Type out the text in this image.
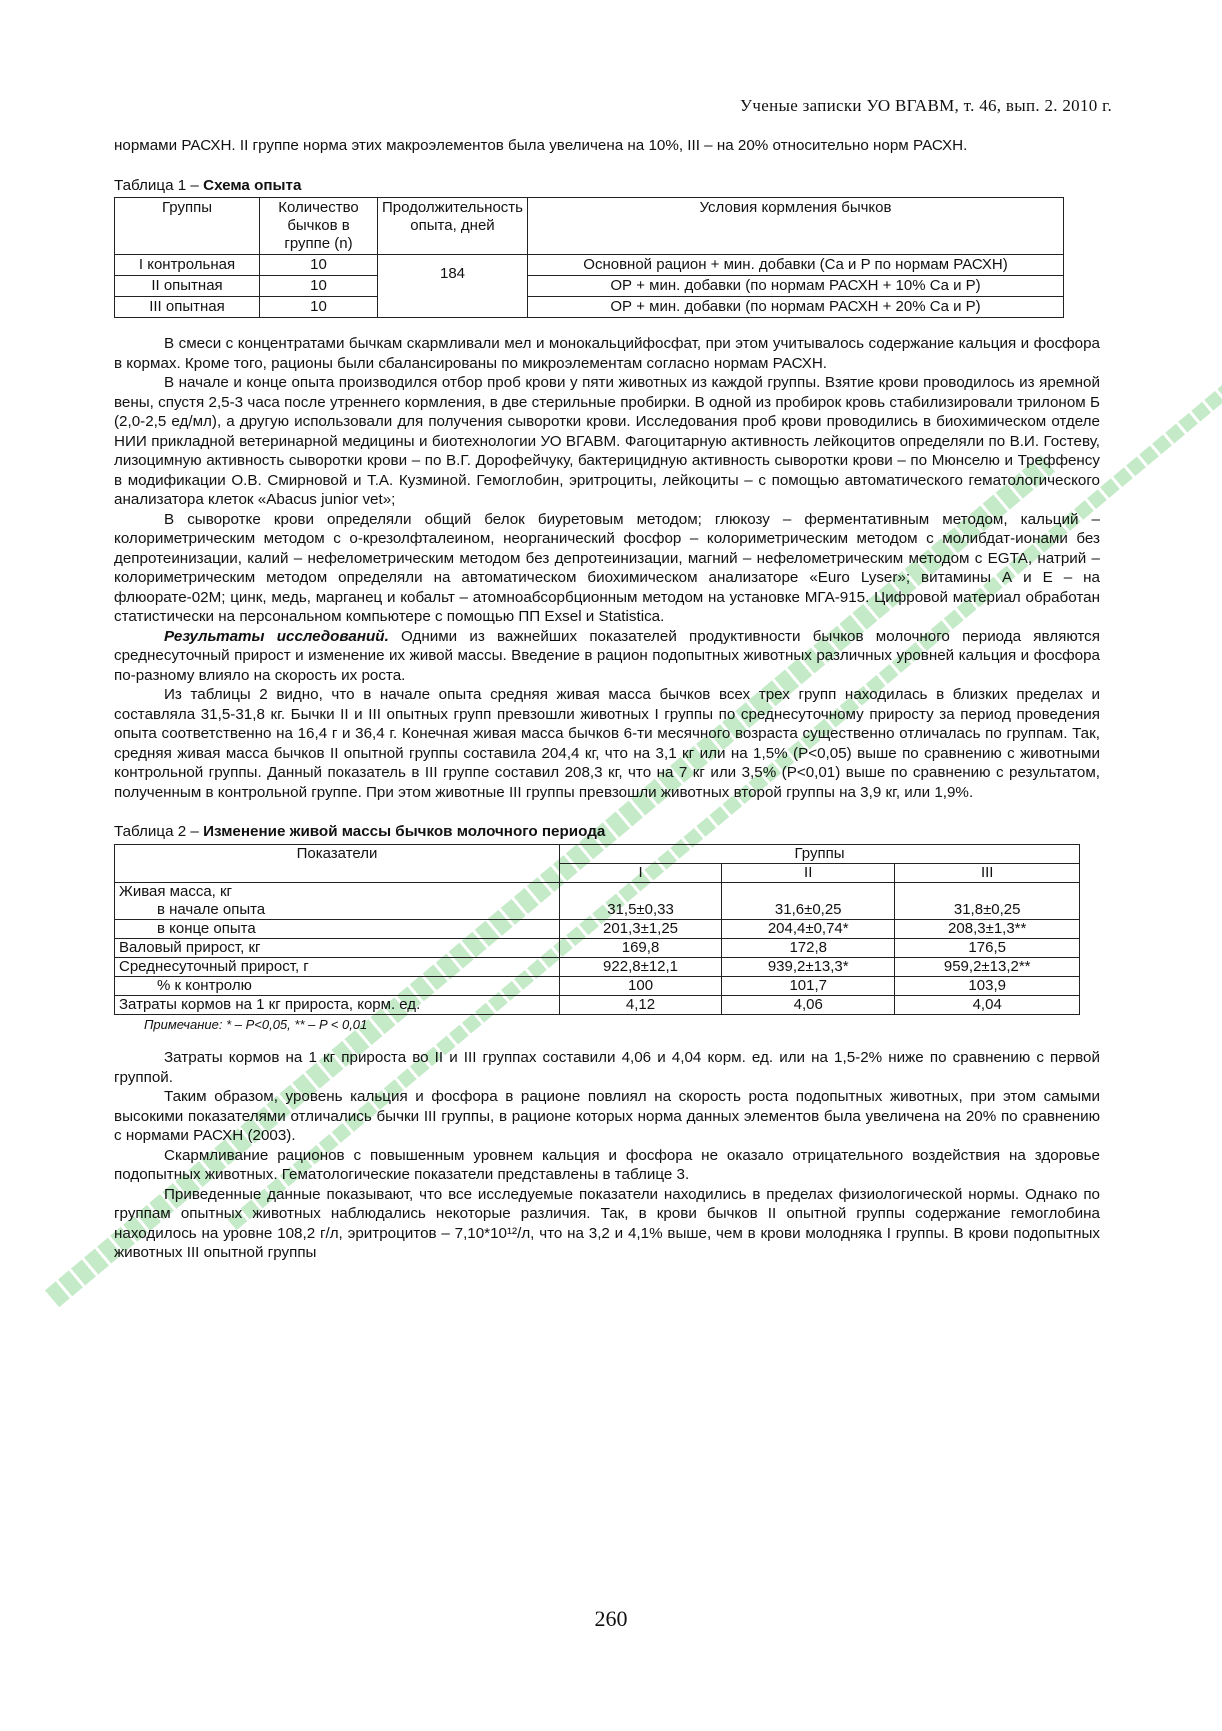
Ученые записки УО ВГАВМ, т. 46, вып. 2. 2010 г.

нормами РАСХН. II группе норма этих макроэлементов была увеличена на 10%, III – на 20% относительно норм РАСХН.

Таблица 1 – Схема опыта
Группы	Количество бычков в группе (n)	Продолжительность опыта, дней	Условия кормления бычков
I контрольная	10	184	Основной рацион + мин. добавки (Ca и P по нормам РАСХН)
II опытная	10		ОР + мин. добавки (по нормам РАСХН + 10% Ca и P)
III опытная	10		ОР + мин. добавки (по нормам РАСХН + 20% Ca и P)

В смеси с концентратами бычкам скармливали мел и монокальцийфосфат, при этом учитывалось содержание кальция и фосфора в кормах. Кроме того, рационы были сбалансированы по микроэлементам согласно нормам РАСХН.

В начале и конце опыта производился отбор проб крови у пяти животных из каждой группы. Взятие крови проводилось из яремной вены, спустя 2,5-3 часа после утреннего кормления, в две стерильные пробирки. В одной из пробирок кровь стабилизировали трилоном Б (2,0-2,5 ед/мл), а другую использовали для получения сыворотки крови. Исследования проб крови проводились в биохимическом отделе НИИ прикладной ветеринарной медицины и биотехнологии УО ВГАВМ. Фагоцитарную активность лейкоцитов определяли по В.И. Гостеву, лизоцимную активность сыворотки крови – по В.Г. Дорофейчуку, бактерицидную активность сыворотки крови – по Мюнселю и Треффенсу в модификации О.В. Смирновой и Т.А. Кузминой. Гемоглобин, эритроциты, лейкоциты – с помощью автоматического гематологического анализатора клеток «Abacus junior vet»;

В сыворотке крови определяли общий белок биуретовым методом; глюкозу – ферментативным методом, кальций – колориметрическим методом с о-крезолфталеином, неорганический фосфор – колориметрическим методом с молибдат-ионами без депротеинизации, калий – нефелометрическим методом без депротеинизации, магний – нефелометрическим методом с EGTA, натрий – колориметрическим методом определяли на автоматическом биохимическом анализаторе «Euro Lyser»; витамины А и Е – на флюорате-02М; цинк, медь, марганец и кобальт – атомноабсорбционным методом на установке МГА-915. Цифровой материал обработан статистически на персональном компьютере с помощью ПП Exsel и Statistica.

Результаты исследований. Одними из важнейших показателей продуктивности бычков молочного периода являются среднесуточный прирост и изменение их живой массы. Введение в рацион подопытных животных различных уровней кальция и фосфора по-разному влияло на скорость их роста.

Из таблицы 2 видно, что в начале опыта средняя живая масса бычков всех трех групп находилась в близких пределах и составляла 31,5-31,8 кг. Бычки II и III опытных групп превзошли животных I группы по среднесуточному приросту за период проведения опыта соответственно на 16,4 г и 36,4 г. Конечная живая масса бычков 6-ти месячного возраста существенно отличалась по группам. Так, средняя живая масса бычков II опытной группы составила 204,4 кг, что на 3,1 кг или на 1,5% (P<0,05) выше по сравнению с животными контрольной группы. Данный показатель в III группе составил 208,3 кг, что на 7 кг или 3,5% (P<0,01) выше по сравнению с результатом, полученным в контрольной группе. При этом животные III группы превзошли животных второй группы на 3,9 кг, или 1,9%.

Таблица 2 – Изменение живой массы бычков молочного периода
Показатели	Группы		
	I	II	III
Живая масса, кг
в начале опыта	31,5±0,33	31,6±0,25	31,8±0,25

в конце опыта	201,3±1,25	204,4±0,74*	208,3±1,3**
Валовый прирост, кг	169,8	172,8	176,5
Среднесуточный прирост, г	922,8±12,1	939,2±13,3*	959,2±13,2**
% к контролю	100	101,7	103,9
Затраты кормов на 1 кг прироста, корм. ед.	4,12	4,06	4,04
Примечание: * – P<0,05, ** – P < 0,01

Затраты кормов на 1 кг прироста во II и III группах составили 4,06 и 4,04 корм. ед. или на 1,5-2% ниже по сравнению с первой группой.

Таким образом, уровень кальция и фосфора в рационе повлиял на скорость роста подопытных животных, при этом самыми высокими показателями отличались бычки III группы, в рационе которых норма данных элементов была увеличена на 20% по сравнению с нормами РАСХН (2003).

Скармливание рационов с повышенным уровнем кальция и фосфора не оказало отрицательного воздействия на здоровье подопытных животных. Гематологические показатели представлены в таблице 3.

Приведенные данные показывают, что все исследуемые показатели находились в пределах физиологической нормы. Однако по группам опытных животных наблюдались некоторые различия. Так, в крови бычков II опытной группы содержание гемоглобина находилось на уровне 108,2 г/л, эритроцитов – 7,10*10¹²/л, что на 3,2 и 4,1% выше, чем в крови молодняка I группы. В крови подопытных животных III опытной группы

260
